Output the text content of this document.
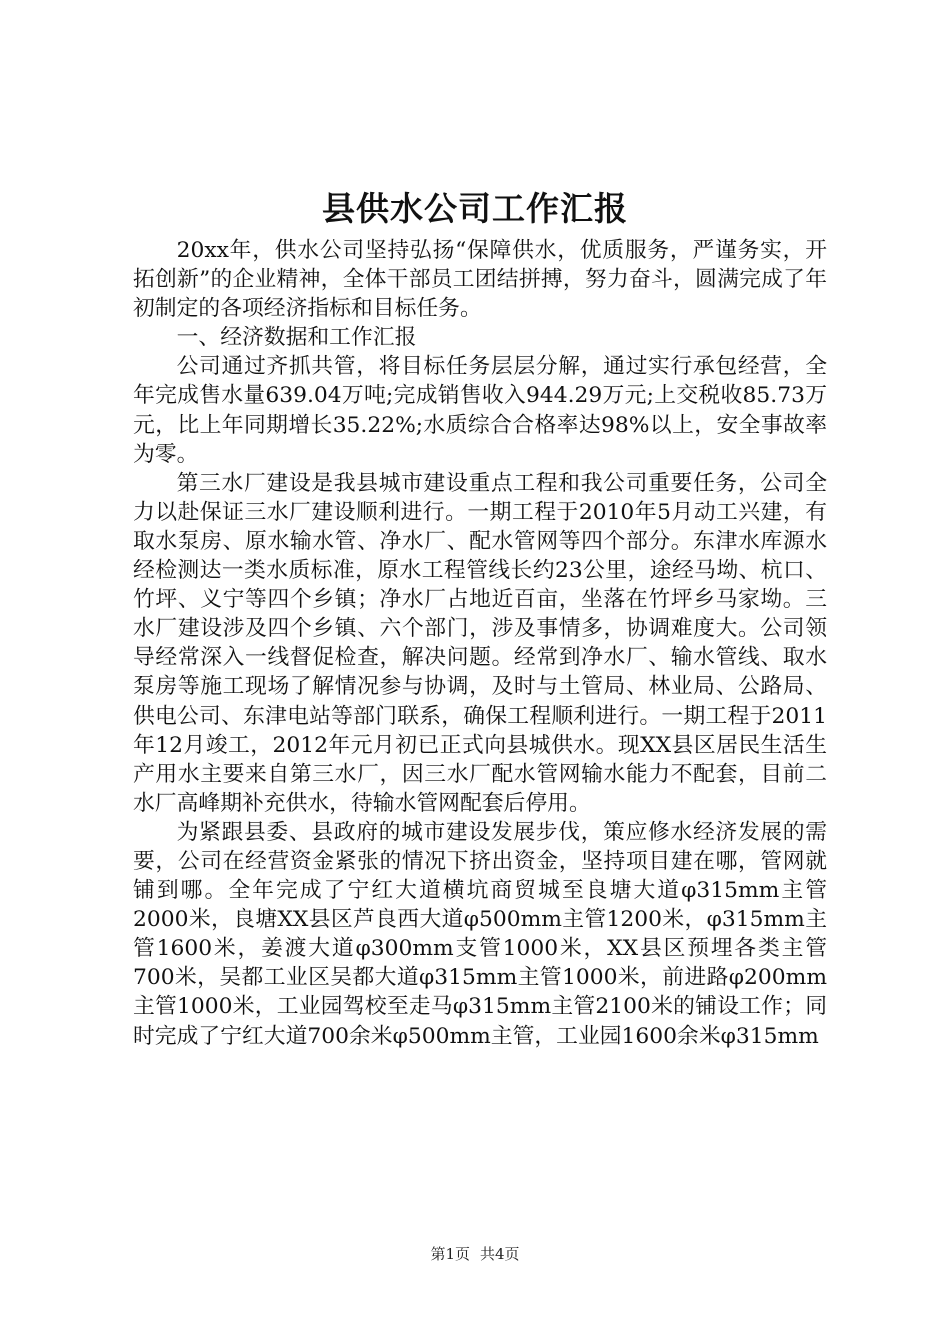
县供水公司工作汇报

20xx年，供水公司坚持弘扬“保障供水，优质服务，严谨务实，开拓创新”的企业精神，全体干部员工团结拼搏，努力奋斗，圆满完成了年初制定的各项经济指标和目标任务。

一、经济数据和工作汇报

公司通过齐抓共管，将目标任务层层分解，通过实行承包经营，全年完成售水量639.04万吨;完成销售收入944.29万元;上交税收85.73万元，比上年同期增长35.22%;水质综合合格率达98%以上，安全事故率为零。

第三水厂建设是我县城市建设重点工程和我公司重要任务，公司全力以赴保证三水厂建设顺利进行。一期工程于2010年5月动工兴建，有取水泵房、原水输水管、净水厂、配水管网等四个部分。东津水库源水经检测达一类水质标准，原水工程管线长约23公里，途经马坳、杭口、竹坪、义宁等四个乡镇；净水厂占地近百亩，坐落在竹坪乡马家坳。三水厂建设涉及四个乡镇、六个部门，涉及事情多，协调难度大。公司领导经常深入一线督促检查，解决问题。经常到净水厂、输水管线、取水泵房等施工现场了解情况参与协调，及时与土管局、林业局、公路局、供电公司、东津电站等部门联系，确保工程顺利进行。一期工程于2011年12月竣工，2012年元月初已正式向县城供水。现XX县区居民生活生产用水主要来自第三水厂，因三水厂配水管网输水能力不配套，目前二水厂高峰期补充供水，待输水管网配套后停用。

为紧跟县委、县政府的城市建设发展步伐，策应修水经济发展的需要，公司在经营资金紧张的情况下挤出资金，坚持项目建在哪，管网就铺到哪。全年完成了宁红大道横坑商贸城至良塘大道φ315mm主管2000米，良塘XX县区芦良西大道φ500mm主管1200米，φ315mm主管1600米，姜渡大道φ300mm支管1000米，XX县区预埋各类主管700米，吴都工业区吴都大道φ315mm主管1000米，前进路φ200mm主管1000米，工业园驾校至走马φ315mm主管2100米的铺设工作；同时完成了宁红大道700余米φ500mm主管，工业园1600余米φ315mm

第1页 共4页
